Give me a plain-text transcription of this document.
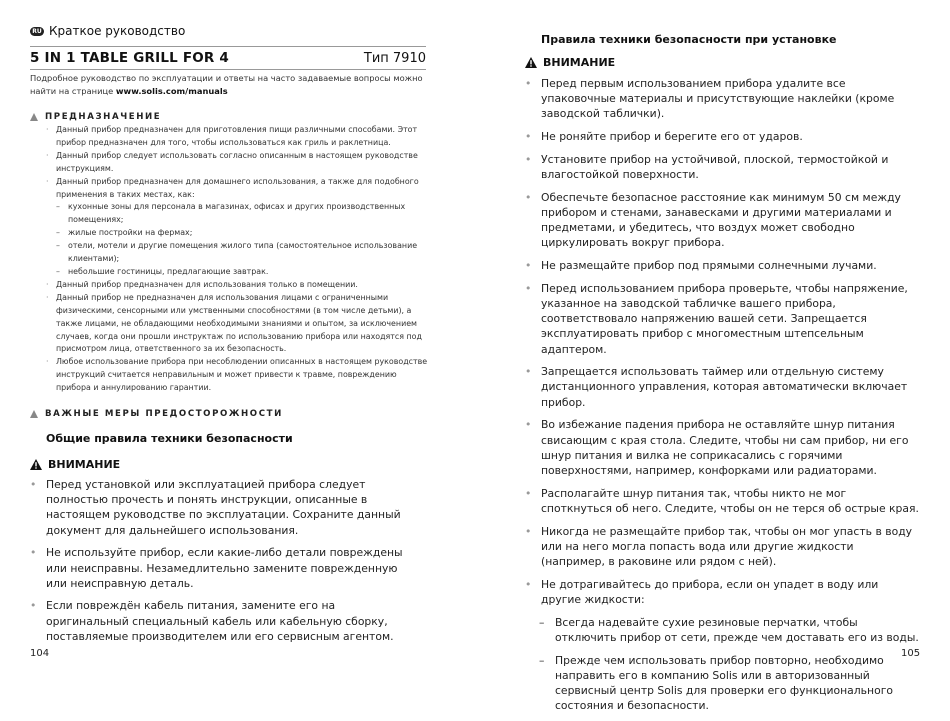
RU Краткое руководство
5 IN 1 TABLE GRILL FOR 4	Тип 7910
Подробное руководство по эксплуатации и ответы на часто задаваемые вопросы можно найти на странице www.solis.com/manuals
ПРЕДНАЗНАЧЕНИЕ
· Данный прибор предназначен для приготовления пищи различными способами. Этот прибор предназначен для того, чтобы использоваться как гриль и раклетница.
· Данный прибор следует использовать согласно описанным в настоящем руководстве инструкциям.
· Данный прибор предназначен для домашнего использования, а также для подобного применения в таких местах, как:
– кухонные зоны для персонала в магазинах, офисах и других производственных помещениях;
– жилые постройки на фермах;
– отели, мотели и другие помещения жилого типа (самостоятельное использование клиентами);
– небольшие гостиницы, предлагающие завтрак.
· Данный прибор предназначен для использования только в помещении.
· Данный прибор не предназначен для использования лицами с ограниченными физическими, сенсорными или умственными способностями (в том числе детьми), а также лицами, не обладающими необходимыми знаниями и опытом, за исключением случаев, когда они прошли инструктаж по использованию прибора или находятся под присмотром лица, ответственного за их безопасность.
· Любое использование прибора при несоблюдении описанных в настоящем руководстве инструкций считается неправильным и может привести к травме, повреждению прибора и аннулированию гарантии.
ВАЖНЫЕ МЕРЫ ПРЕДОСТОРОЖНОСТИ
Общие правила техники безопасности
ВНИМАНИЕ
• Перед установкой или эксплуатацией прибора следует полностью прочесть и понять инструкции, описанные в настоящем руководстве по эксплуатации. Сохраните данный документ для дальнейшего использования.
• Не используйте прибор, если какие-либо детали повреждены или неисправны. Незамедлительно замените поврежденную или неисправную деталь.
• Если повреждён кабель питания, замените его на оригинальный специальный кабель или кабельную сборку, поставляемые производителем или его сервисным агентом.
104
Правила техники безопасности при установке
ВНИМАНИЕ
• Перед первым использованием прибора удалите все упаковочные материалы и присутствующие наклейки (кроме заводской таблички).
• Не роняйте прибор и берегите его от ударов.
• Установите прибор на устойчивой, плоской, термостойкой и влагостойкой поверхности.
• Обеспечьте безопасное расстояние как минимум 50 см между прибором и стенами, занавесками и другими материалами и предметами, и убедитесь, что воздух может свободно циркулировать вокруг прибора.
• Не размещайте прибор под прямыми солнечными лучами.
• Перед использованием прибора проверьте, чтобы напряжение, указанное на заводской табличке вашего прибора, соответствовало напряжению вашей сети. Запрещается эксплуатировать прибор с многоместным штепсельным адаптером.
• Запрещается использовать таймер или отдельную систему дистанционного управления, которая автоматически включает прибор.
• Во избежание падения прибора не оставляйте шнур питания свисающим с края стола. Следите, чтобы ни сам прибор, ни его шнур питания и вилка не соприкасались с горячими поверхностями, например, конфорками или радиаторами.
• Располагайте шнур питания так, чтобы никто не мог споткнуться об него. Следите, чтобы он не терся об острые края.
• Никогда не размещайте прибор так, чтобы он мог упасть в воду или на него могла попасть вода или другие жидкости (например, в раковине или рядом с ней).
• Не дотрагивайтесь до прибора, если он упадет в воду или другие жидкости:
– Всегда надевайте сухие резиновые перчатки, чтобы отключить прибор от сети, прежде чем доставать его из воды.
– Прежде чем использовать прибор повторно, необходимо направить его в компанию Solis или в авторизованный сервисный центр Solis для проверки его функционального состояния и безопасности.
105
